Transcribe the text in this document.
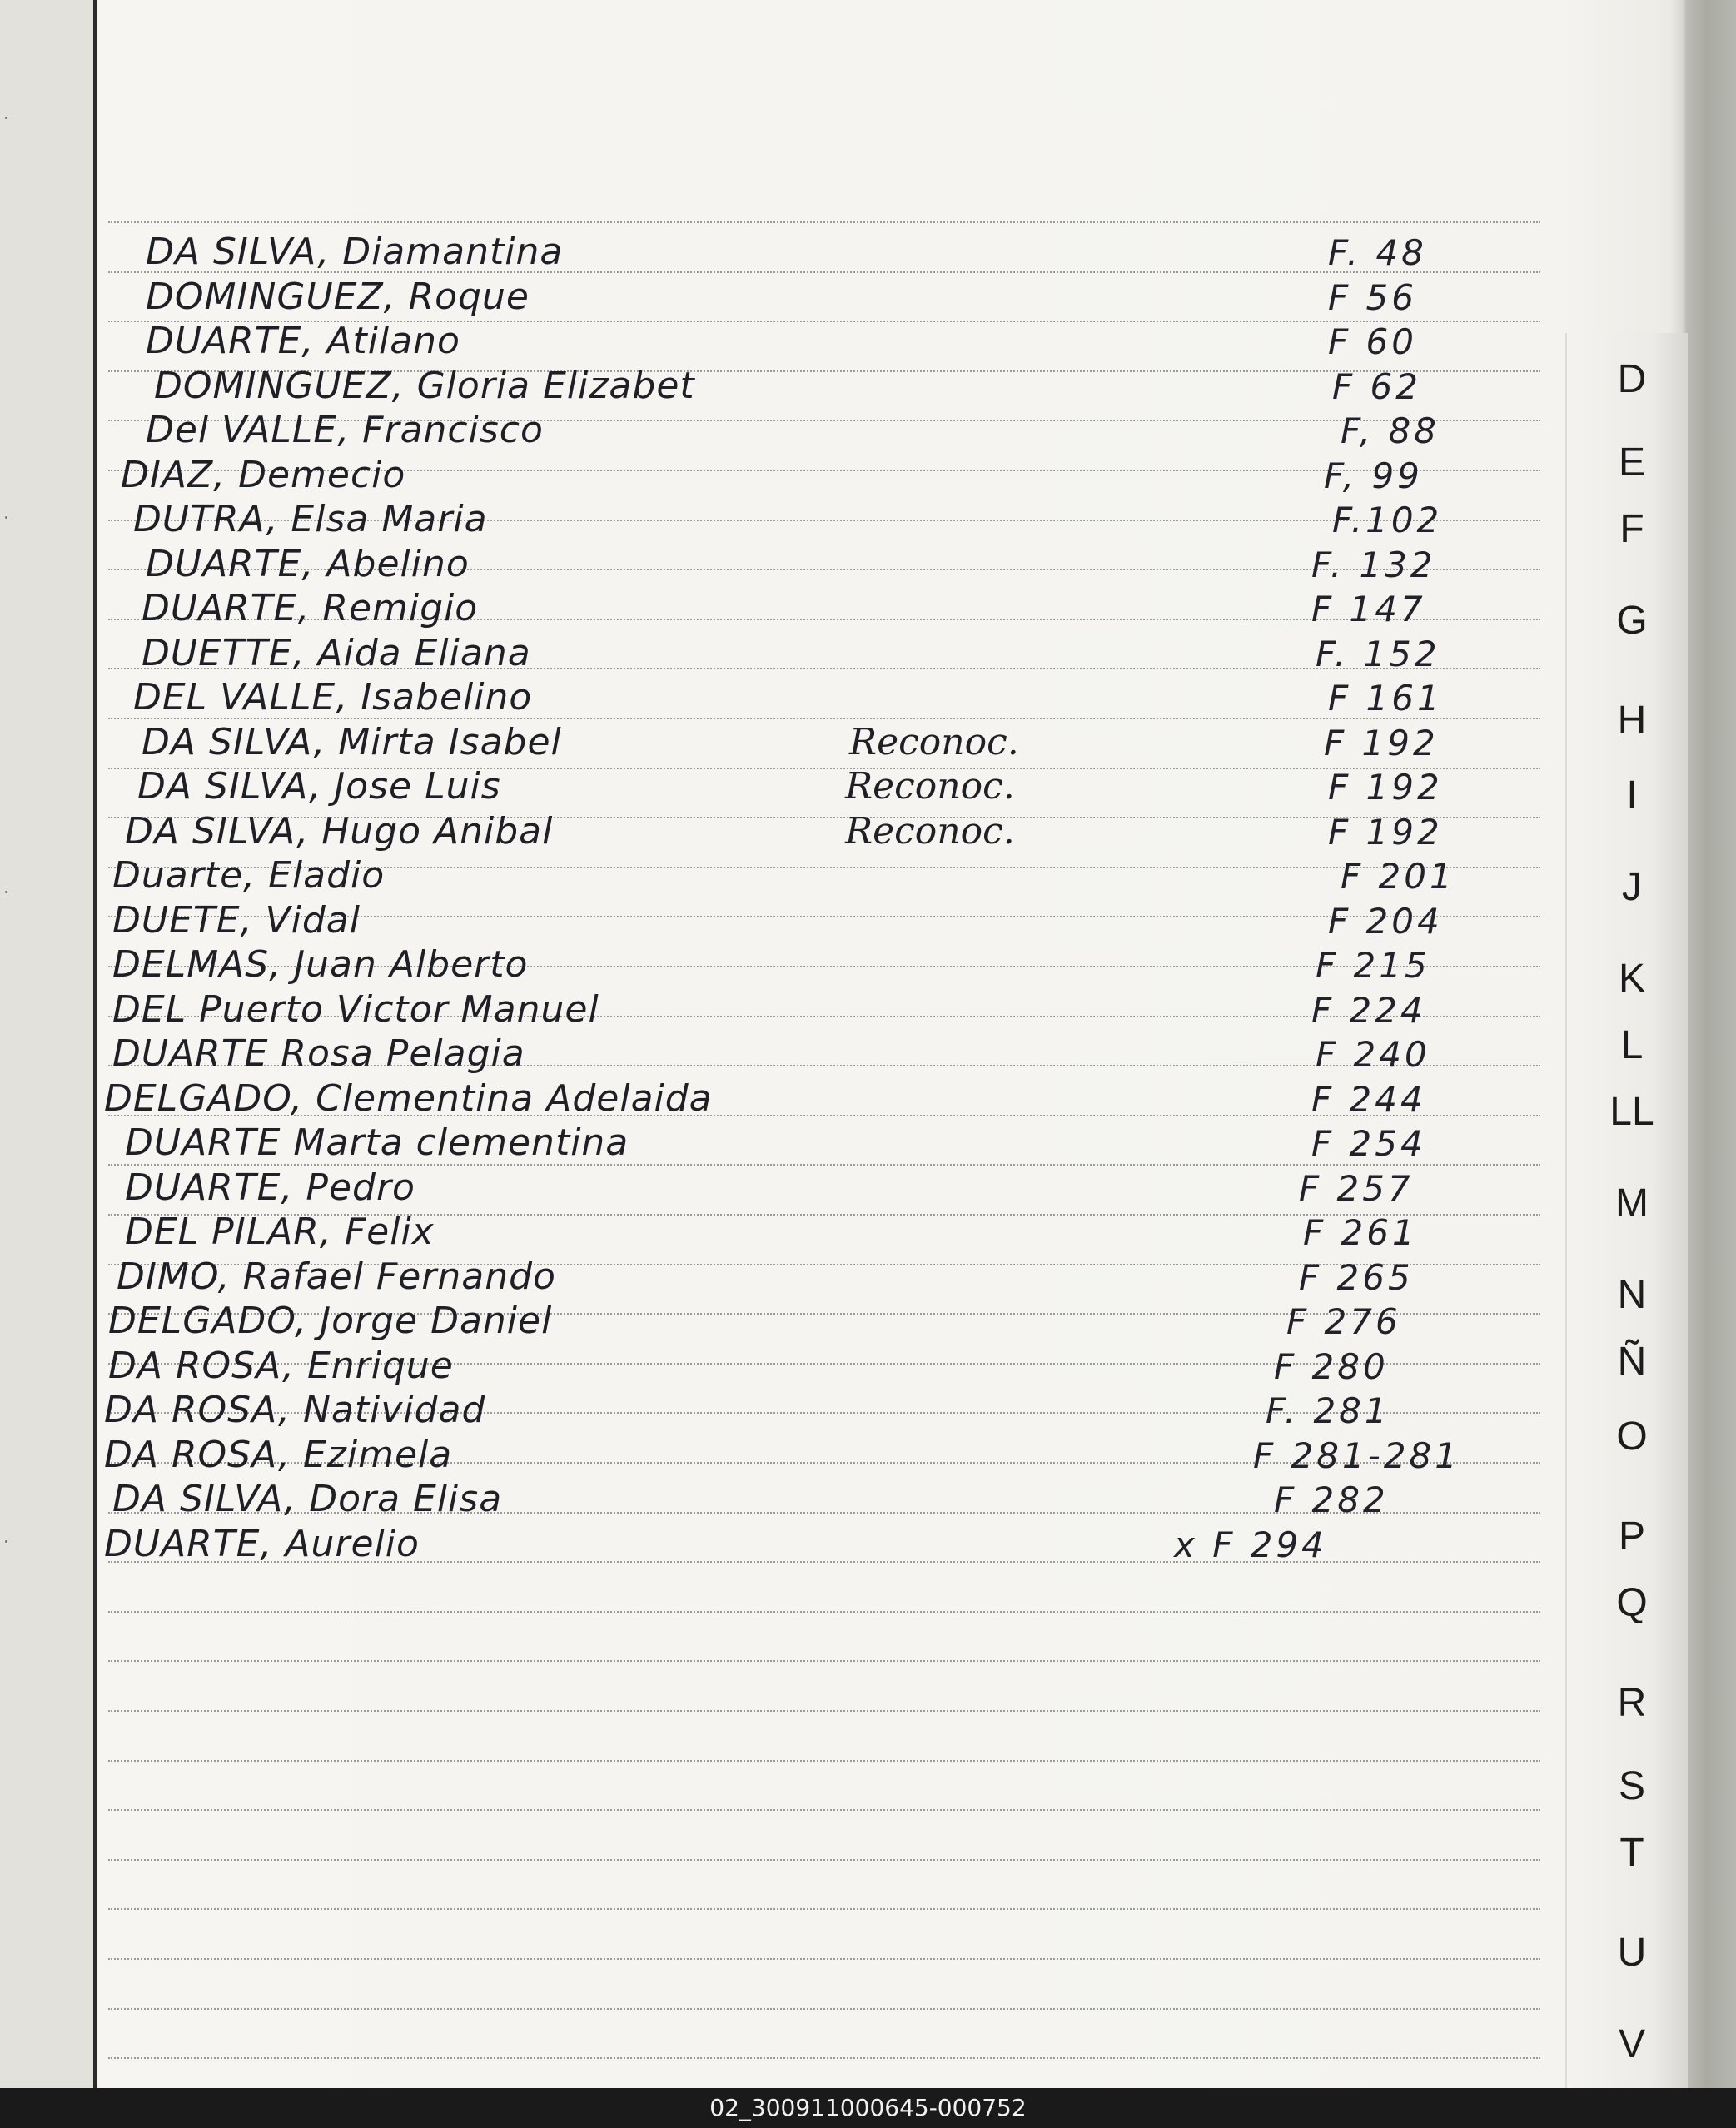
DA SILVA, Diamantina	F. 48
DOMINGUEZ, Roque	F 56
DUARTE, Atilano	F 60
DOMINGUEZ, Gloria Elizabet	F 62
Del VALLE, Francisco	F, 88
DIAZ, Demecio	F, 99
DUTRA, Elsa Maria	F.102
DUARTE, Abelino	F. 132
DUARTE, Remigio	F 147
DUETTE, Aida Eliana	F. 152
DEL VALLE, Isabelino	F 161
DA SILVA, Mirta Isabel	Reconoc.	F 192
DA SILVA, Jose Luis	Reconoc.	F 192
DA SILVA, Hugo Anibal	Reconoc.	F 192
Duarte, Eladio	F 201
DUETE, Vidal	F 204
DELMAS, Juan Alberto	F 215
DEL Puerto Victor Manuel	F 224
DUARTE Rosa Pelagia	F 240
DELGADO, Clementina Adelaida	F 244
DUARTE Marta clementina	F 254
DUARTE, Pedro	F 257
DEL PILAR, Felix	F 261
DIMO, Rafael Fernando	F 265
DELGADO, Jorge Daniel	F 276
DA ROSA, Enrique	F 280
DA ROSA, Natividad	F. 281
DA ROSA, Ezimela	F 281-281
DA SILVA, Dora Elisa	F 282
DUARTE, Aurelio	x F 294
D
E
F
G
H
I
J
K
L
LL
M
N
Ñ
O
P
Q
R
S
T
U
V
02_300911000645-000752
